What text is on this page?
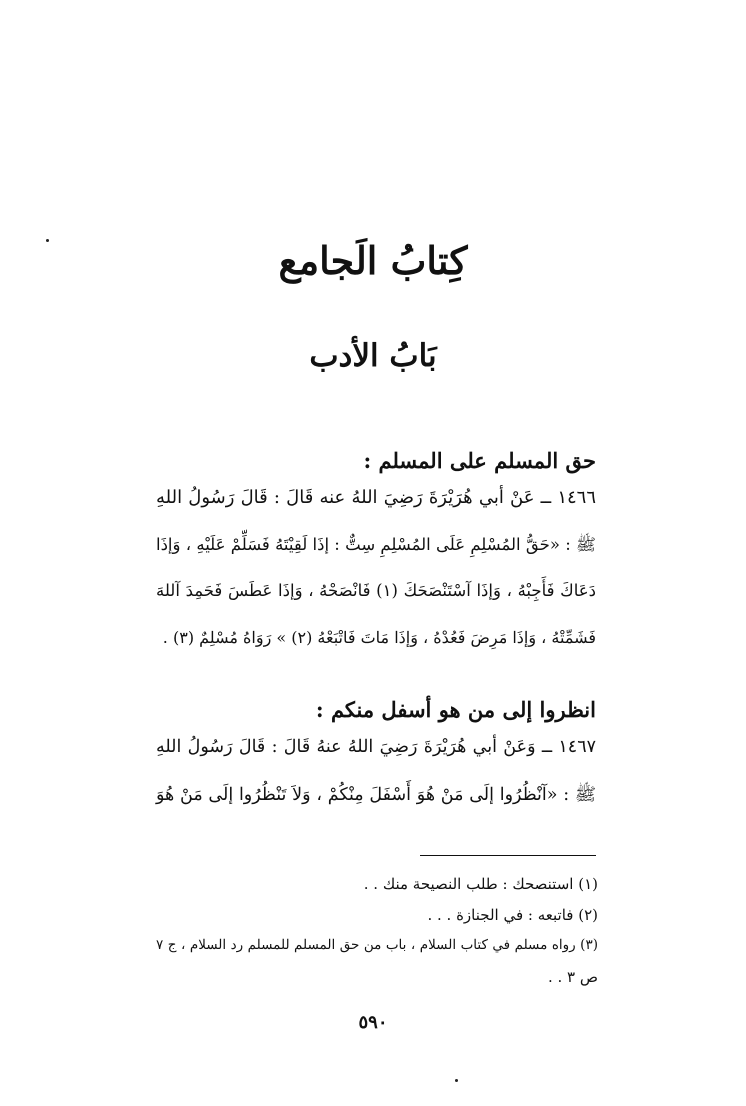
كِتابُ الَجامع
بَابُ الأدب
حق المسلم على المسلم :
١٤٦٦ ــ عَنْ أبي هُرَيْرَةَ رَضِيَ اللهُ عنه قَالَ : قَالَ رَسُولُ اللهِ
ﷺ : «حَقُّ المُسْلِمِ عَلَى المُسْلِمِ سِتٌّ : إذَا لَقِيْتَهُ فَسَلِّمْ عَلَيْهِ ، وَإذَا
دَعَاكَ فَأَجِبْهُ ، وَإذَا آسْتَنْصَحَكَ (١) فَانْصَحْهُ ، وَإذَا عَطَسَ فَحَمِدَ آللهَ
فَشَمِّتْهُ ، وَإذَا مَرِضَ فَعُدْهُ ، وَإذَا مَاتَ فَاتْبَعْهُ (٢) » رَوَاهُ مُسْلِمٌ (٣) .
انظروا إلى من هو أسفل منكم :
١٤٦٧ ــ وَعَنْ أبي هُرَيْرَةَ رَضِيَ اللهُ عنهُ قَالَ : قَالَ رَسُولُ اللهِ
ﷺ : «آنْظُرُوا إلَى مَنْ هُوَ أَسْفَلَ مِنْكُمْ ، وَلاَ تَنْظُرُوا إلَى مَنْ هُوَ
(١) استنصحك : طلب النصيحة منك . .
(٢) فاتبعه : في الجنازة . . .
(٣) رواه مسلم في كتاب السلام ، باب من حق المسلم للمسلم رد السلام ، ج ٧
ص ٣ . .
٥٩٠
